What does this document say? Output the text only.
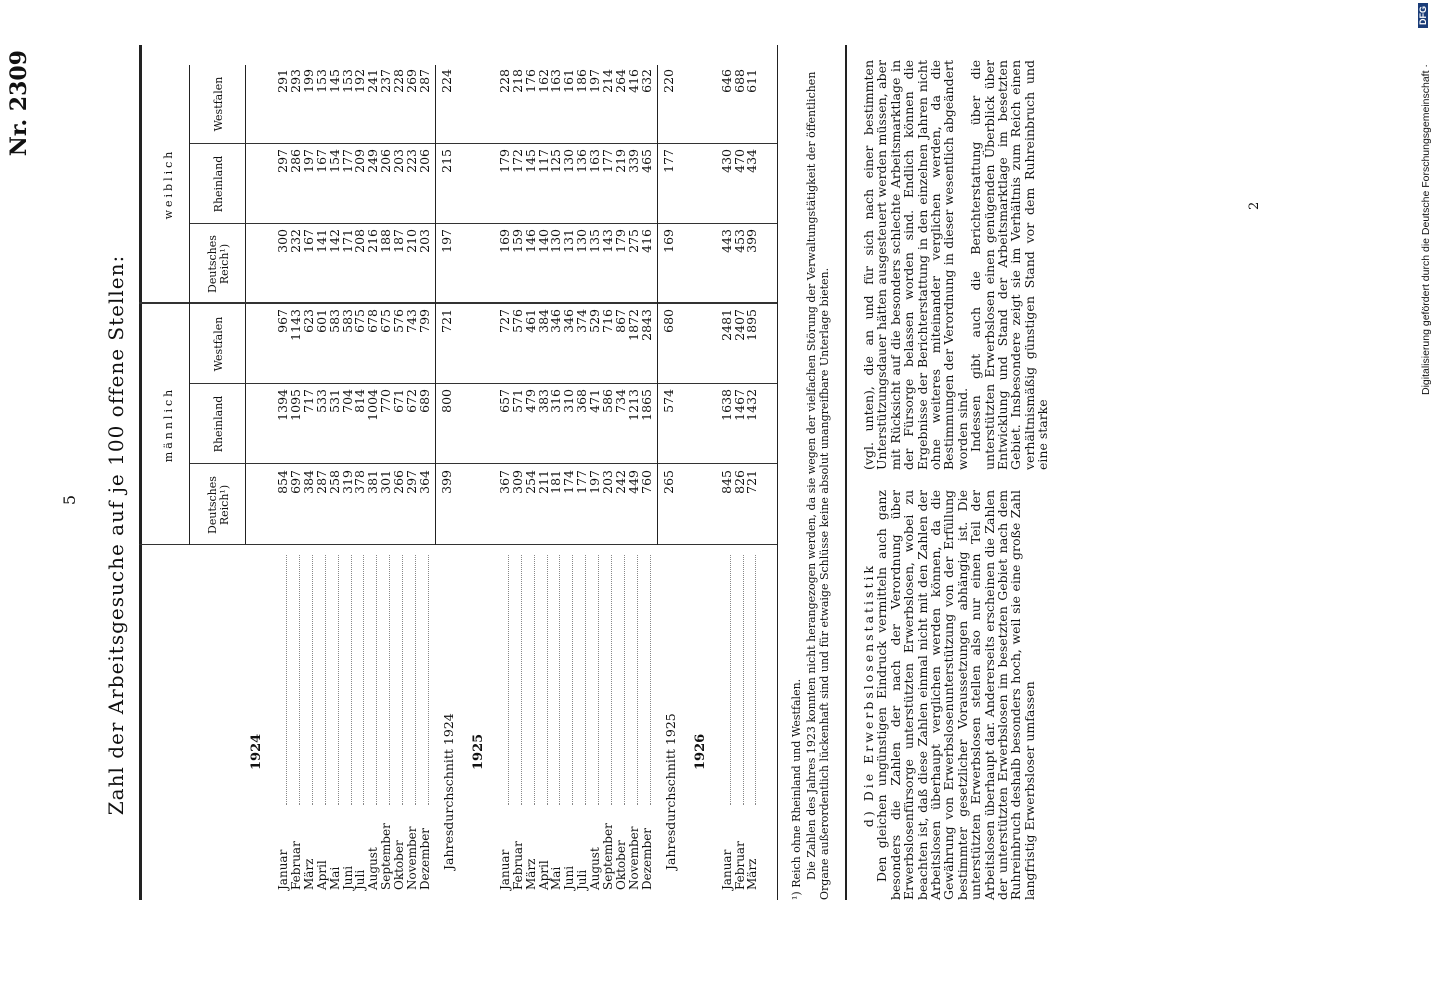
5
Nr. 2309
Zahl der Arbeitsgesuche auf je 100 offene Stellen:
2
männlich
weiblich
Deutsches Reich¹)
Rheinland
Westfalen
Deutsches Reich¹)
Rheinland
Westfalen
1924
Januar
854
1394
967
300
297
291
Februar
697
1095
1143
232
286
293
März
384
717
623
167
197
199
April
287
533
601
141
167
153
Mai
258
531
583
142
154
145
Juni
319
704
583
171
177
153
Juli
378
814
675
208
209
192
August
381
1004
678
216
249
241
September
301
770
675
188
206
237
Oktober
266
671
576
187
203
228
November
297
672
743
210
223
269
Dezember
364
689
799
203
206
287
Jahresdurchschnitt 1924
399
800
721
197
215
224
1925
Januar
367
657
727
169
179
228
Februar
309
571
576
159
172
218
März
254
479
461
146
145
176
April
211
383
384
140
117
162
Mai
181
316
346
130
125
163
Juni
174
310
346
131
130
161
Juli
177
368
374
130
136
186
August
197
471
529
135
163
197
September
203
586
716
143
177
214
Oktober
242
734
867
179
219
264
November
449
1213
1872
275
339
416
Dezember
760
1865
2843
416
465
632
Jahresdurchschnitt 1925
265
574
680
169
177
220
1926
Januar
845
1638
2481
443
430
646
Februar
826
1467
2407
453
470
688
März
721
1432
1895
399
434
611
¹) Reich ohne Rheinland und Westfalen. Die Zahlen des Jahres 1923 konnten nicht herangezogen werden, da sie wegen der vielfachen Störung der Verwaltungstätigkeit der öffentlichen Organe außerordentlich lückenhaft sind und für etwaige Schlüsse keine absolut unangreifbare Unterlage bieten. d) Die Erwerbslosenstatistik

Den gleichen ungünstigen Eindruck vermitteln auch ganz besonders die Zahlen der nach der Verordnung über Erwerbslosenfürsorge unterstützten Erwerbslosen, wobei zu beachten ist, daß diese Zahlen einmal nicht mit den Zahlen der Arbeitslosen überhaupt verglichen werden können, da die Gewährung von Erwerbslosenunterstützung von der Erfüllung bestimmter gesetzlicher Voraussetzungen abhängig ist. Die unterstützten Erwerbslosen stellen also nur einen Teil der Arbeitslosen überhaupt dar. Andererseits erscheinen die Zahlen der unterstützten Erwerbslosen im besetzten Gebiet nach dem Ruhreinbruch deshalb besonders hoch, weil sie eine große Zahl langfristig Erwerbsloser umfassen

(vgl. unten), die an und für sich nach einer bestimmten Unterstützungsdauer hätten ausgesteuert werden müssen, aber mit Rücksicht auf die besonders schlechte Arbeitsmarktlage in der Fürsorge belassen worden sind. Endlich können die Ergebnisse der Berichterstattung in den einzelnen Jahren nicht ohne weiteres miteinander verglichen werden, da die Bestimmungen der Verordnung in dieser wesentlich abgeändert worden sind.

Indessen gibt auch die Berichterstattung über die unterstützten Erwerbslosen einen genügenden Überblick über Entwicklung und Stand der Arbeitsmarktlage im besetzten Gebiet. Insbesondere zeigt sie im Verhältnis zum Reich einen verhältnismäßig günstigen Stand vor dem Ruhreinbruch und eine starke

Digitalisierung gefördert durch die Deutsche Forschungsgemeinschaft ·
DFG
